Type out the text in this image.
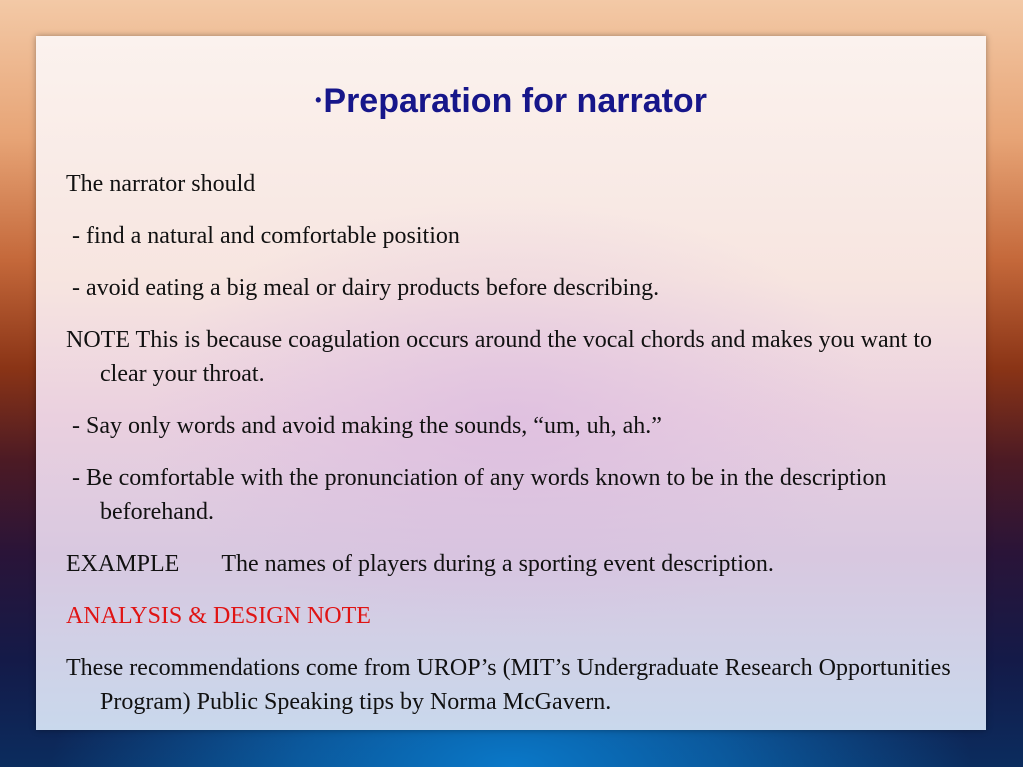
•Preparation for narrator

The narrator should

- find a natural and comfortable position

- avoid eating a big meal or dairy products before describing.

NOTE This is because coagulation occurs around the vocal chords and makes you want to clear your throat.

- Say only words and avoid making the sounds, “um, uh, ah.”

- Be comfortable with the pronunciation of any words known to be in the description beforehand.

EXAMPLE The names of players during a sporting event description.

ANALYSIS & DESIGN NOTE

These recommendations come from UROP’s (MIT’s Undergraduate Research Opportunities Program) Public Speaking tips by Norma McGavern.
